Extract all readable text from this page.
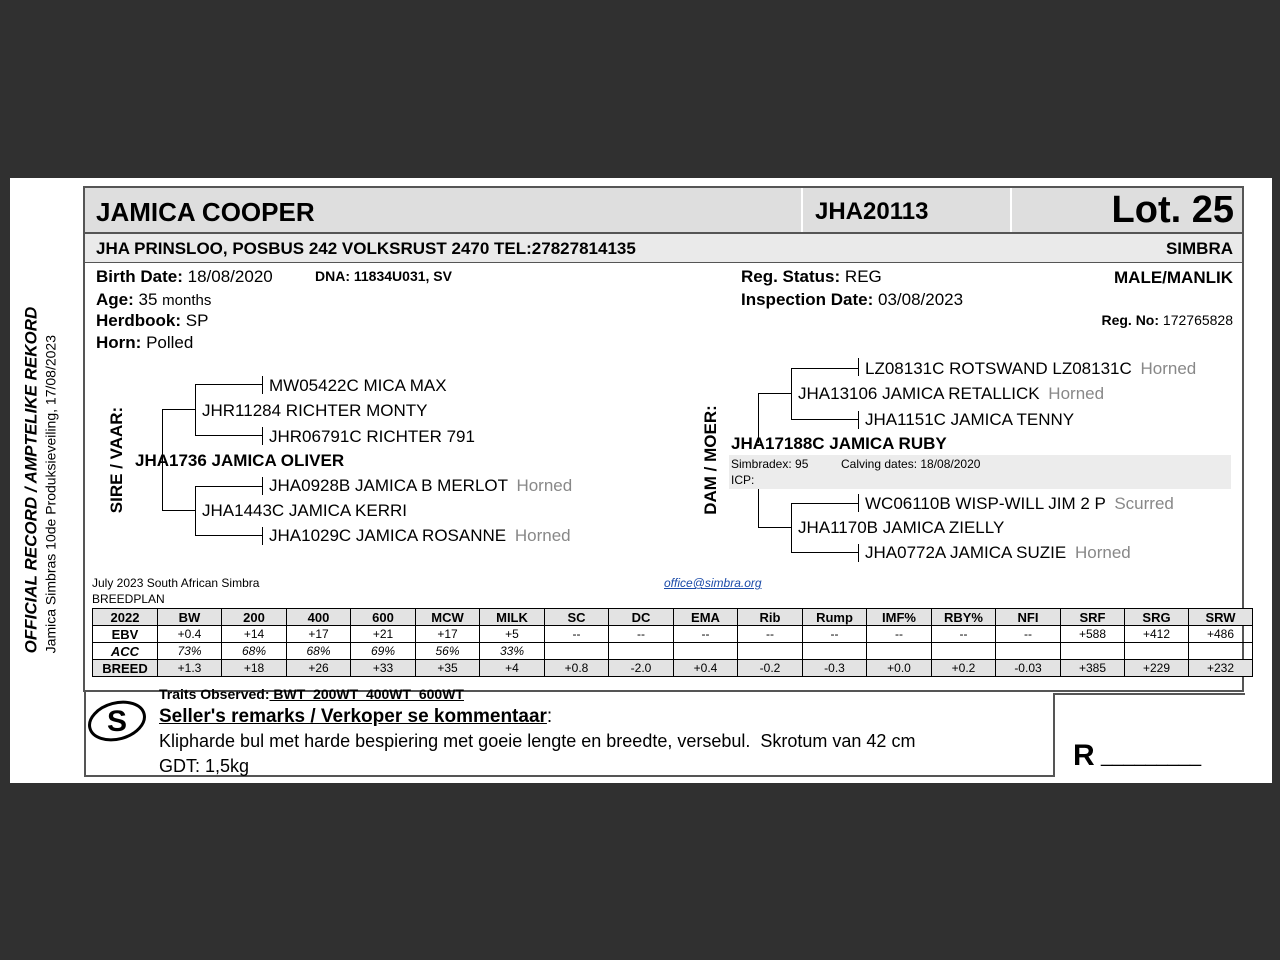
OFFICIAL RECORD / AMPTELIKE REKORD Jamica Simbras 10de Produksieveiling, 17/08/2023
JAMICA COOPER	JHA20113	Lot. 25
JHA PRINSLOO, POSBUS 242 VOLKSRUST 2470 TEL:27827814135	SIMBRA
Birth Date: 18/08/2020	DNA: 11834U031, SV
Age: 35 months
Herdbook: SP
Horn: Polled
Reg. Status: REG
Inspection Date: 03/08/2023
MALE/MANLIK
Reg. No: 172765828
SIRE / VAAR:
MW05422C MICA MAX
JHR11284 RICHTER MONTY
JHR06791C RICHTER 791
JHA1736 JAMICA OLIVER
JHA0928B JAMICA B MERLOT Horned
JHA1443C JAMICA KERRI
JHA1029C JAMICA ROSANNE Horned
DAM / MOER:
LZ08131C ROTSWAND LZ08131C Horned
JHA13106 JAMICA RETALLICK Horned
JHA1151C JAMICA TENNY
JHA17188C JAMICA RUBY
Simbradex: 95	Calving dates: 18/08/2020
ICP:
WC06110B WISP-WILL JIM 2 P Scurred
JHA1170B JAMICA ZIELLY
JHA0772A JAMICA SUZIE Horned
July 2023 South African Simbra
BREEDPLAN
office@simbra.org
2022	BW	200	400	600	MCW	MILK	SC	DC	EMA	Rib	Rump	IMF%	RBY%	NFI	SRF	SRG	SRW
EBV	+0.4	+14	+17	+21	+17	+5	--	--	--	--	--	--	--	--	+588	+412	+486
ACC	73%	68%	68%	69%	56%	33%											
BREED	+1.3	+18	+26	+33	+35	+4	+0.8	-2.0	+0.4	-0.2	-0.3	+0.0	+0.2	-0.03	+385	+229	+232
R _________
S
Traits Observed: BWT  200WT  400WT  600WT
Seller's remarks / Verkoper se kommentaar:
Klipharde bul met harde bespiering met goeie lengte en breedte, versebul.  Skrotum van 42 cm
GDT: 1,5kg
